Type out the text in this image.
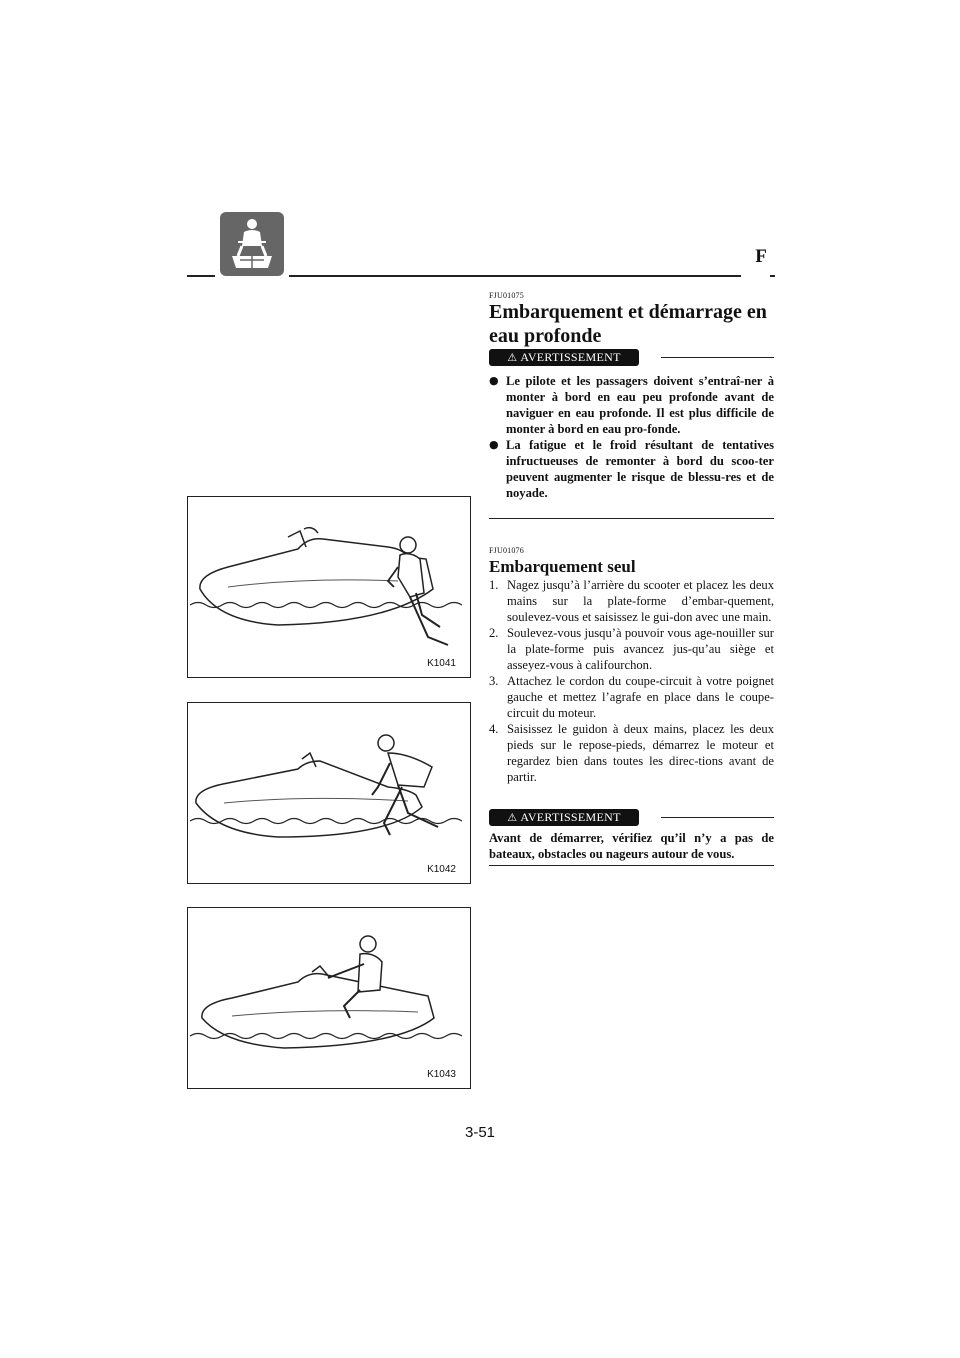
F
FJU01075
Embarquement et démarrage en
eau profonde
⚠ AVERTISSEMENT
● Le pilote et les passagers doivent s’entraî-ner à monter à bord en eau peu profonde avant de naviguer en eau profonde. Il est plus difficile de monter à bord en eau pro-fonde.
● La fatigue et le froid résultant de tentatives infructueuses de remonter à bord du scoo-ter peuvent augmenter le risque de blessu-res et de noyade.
FJU01076
Embarquement seul
1. Nagez jusqu’à l’arrière du scooter et placez les deux mains sur la plate-forme d’embar-quement, soulevez-vous et saisissez le gui-don avec une main.
2. Soulevez-vous jusqu’à pouvoir vous age-nouiller sur la plate-forme puis avancez jus-qu’au siège et asseyez-vous à califourchon.
3. Attachez le cordon du coupe-circuit à votre poignet gauche et mettez l’agrafe en place dans le coupe-circuit du moteur.
4. Saisissez le guidon à deux mains, placez les deux pieds sur le repose-pieds, démarrez le moteur et regardez bien dans toutes les direc-tions avant de partir.
⚠ AVERTISSEMENT
Avant de démarrer, vérifiez qu’il n’y a pas de bateaux, obstacles ou nageurs autour de vous.
K1041
K1042
K1043
3-51
